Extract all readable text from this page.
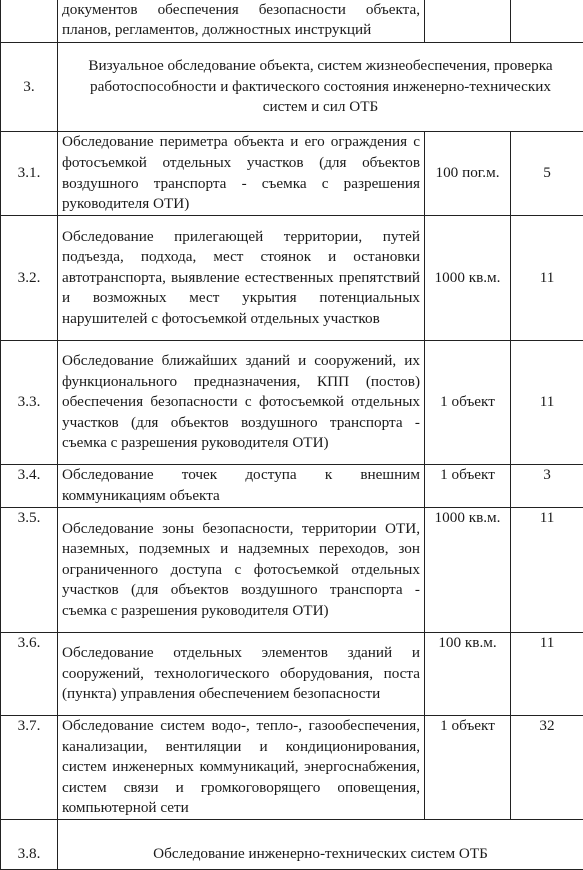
	документов обеспечения безопасности объекта, планов, регламентов, должностных инструкций		
3.	Визуальное обследование объекта, систем жизнеобеспечения, проверка работоспособности и фактического состояния инженерно-технических систем и сил ОТБ		
3.1.	Обследование периметра объекта и его ограждения с фотосъемкой отдельных участков (для объектов воздушного транспорта - съемка с разрешения руководителя ОТИ)	100 пог.м.	5
3.2.	Обследование прилегающей территории, путей подъезда, подхода, мест стоянок и остановки автотранспорта, выявление естественных препятствий и возможных мест укрытия потенциальных нарушителей с фотосъемкой отдельных участков	1000 кв.м.	11
3.3.	Обследование ближайших зданий и сооружений, их функционального предназначения, КПП (постов) обеспечения безопасности с фотосъемкой отдельных участков (для объектов воздушного транспорта - съемка с разрешения руководителя ОТИ)	1 объект	11
3.4.	Обследование точек доступа к внешним коммуникациям объекта	1 объект	3
3.5.	Обследование зоны безопасности, территории ОТИ, наземных, подземных и надземных переходов, зон ограниченного доступа с фотосъемкой отдельных участков (для объектов воздушного транспорта - съемка с разрешения руководителя ОТИ)	1000 кв.м.	11
3.6.	Обследование отдельных элементов зданий и сооружений, технологического оборудования, поста (пункта) управления обеспечением безопасности	100 кв.м.	11
3.7.	Обследование систем водо-, тепло-, газообеспечения, канализации, вентиляции и кондиционирования, систем инженерных коммуникаций, энергоснабжения, систем связи и громкоговорящего оповещения, компьютерной сети	1 объект	32
3.8.	Обследование инженерно-технических систем ОТБ		
